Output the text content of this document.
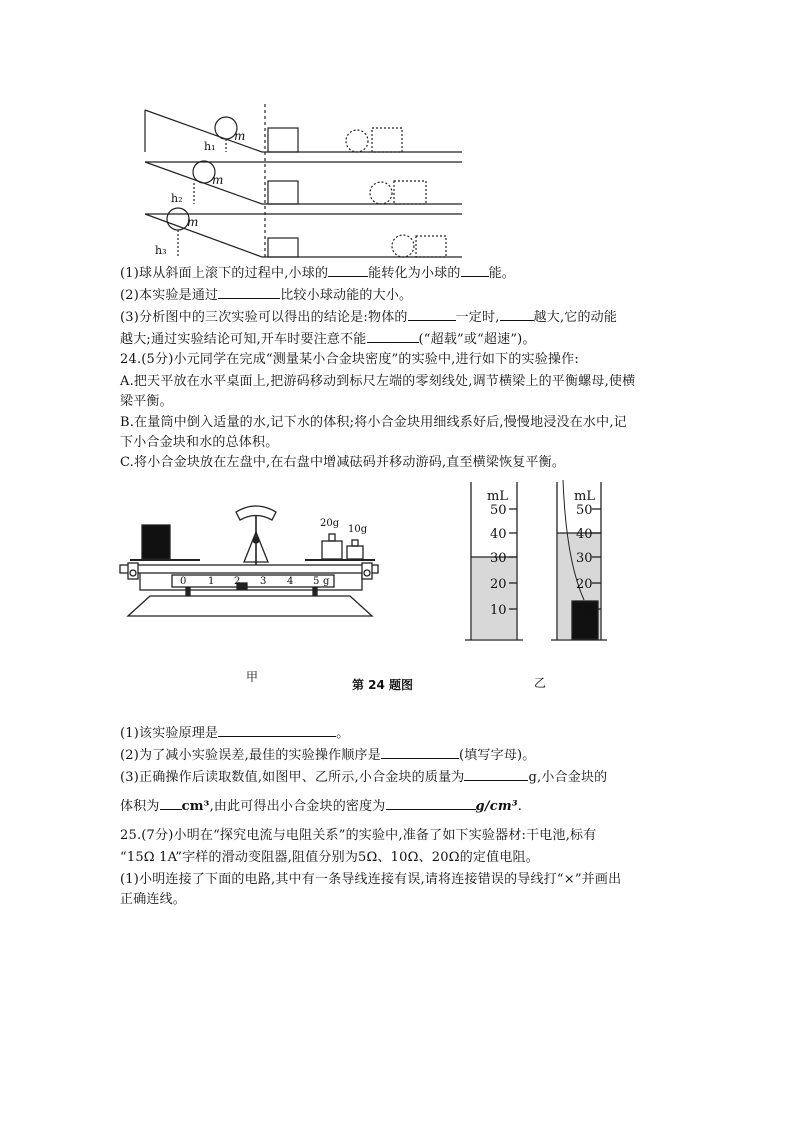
m
h₁
m
h₂
m
h₃
(1)球从斜面上滚下的过程中,小球的	能转化为小球的 能。
(2)本实验是通过	比较小球动能的大小。
(3)分析图中的三次实验可以得出的结论是:物体的	一定时,	越大,它的动能
越大;通过实验结论可知,开车时要注意不能	(“超载”或“超速”)。
24.(5分)小元同学在完成“测量某小合金块密度”的实验中,进行如下的实验操作:
A.把天平放在水平桌面上,把游码移动到标尺左端的零刻线处,调节横梁上的平衡螺母,使横
梁平衡。
B.在量筒中倒入适量的水,记下水的体积;将小合金块用细线系好后,慢慢地浸没在水中,记
下小合金块和水的总体积。
C.将小合金块放在左盘中,在右盘中增减砝码并移动游码,直至横梁恢复平衡。
20g
10g
0 1 2 3 4 5 g
mL
50
40
30
20
10
mL
50
40
30
20
10
甲
第 24 题图	乙
(1)该实验原理是	。
(2)为了减小实验误差,最佳的实验操作顺序是	(填写字母)。
(3)正确操作后读取数值,如图甲、乙所示,小合金块的质量为	g,小合金块的
体积为 cm³,由此可得出小合金块的密度为	g/cm³.
25.(7分)小明在“探究电流与电阻关系”的实验中,准备了如下实验器材:干电池,标有
“15Ω 1A”字样的滑动变阻器,阻值分别为5Ω、10Ω、20Ω的定值电阻。
(1)小明连接了下面的电路,其中有一条导线连接有误,请将连接错误的导线打“×”并画出
正确连线。
